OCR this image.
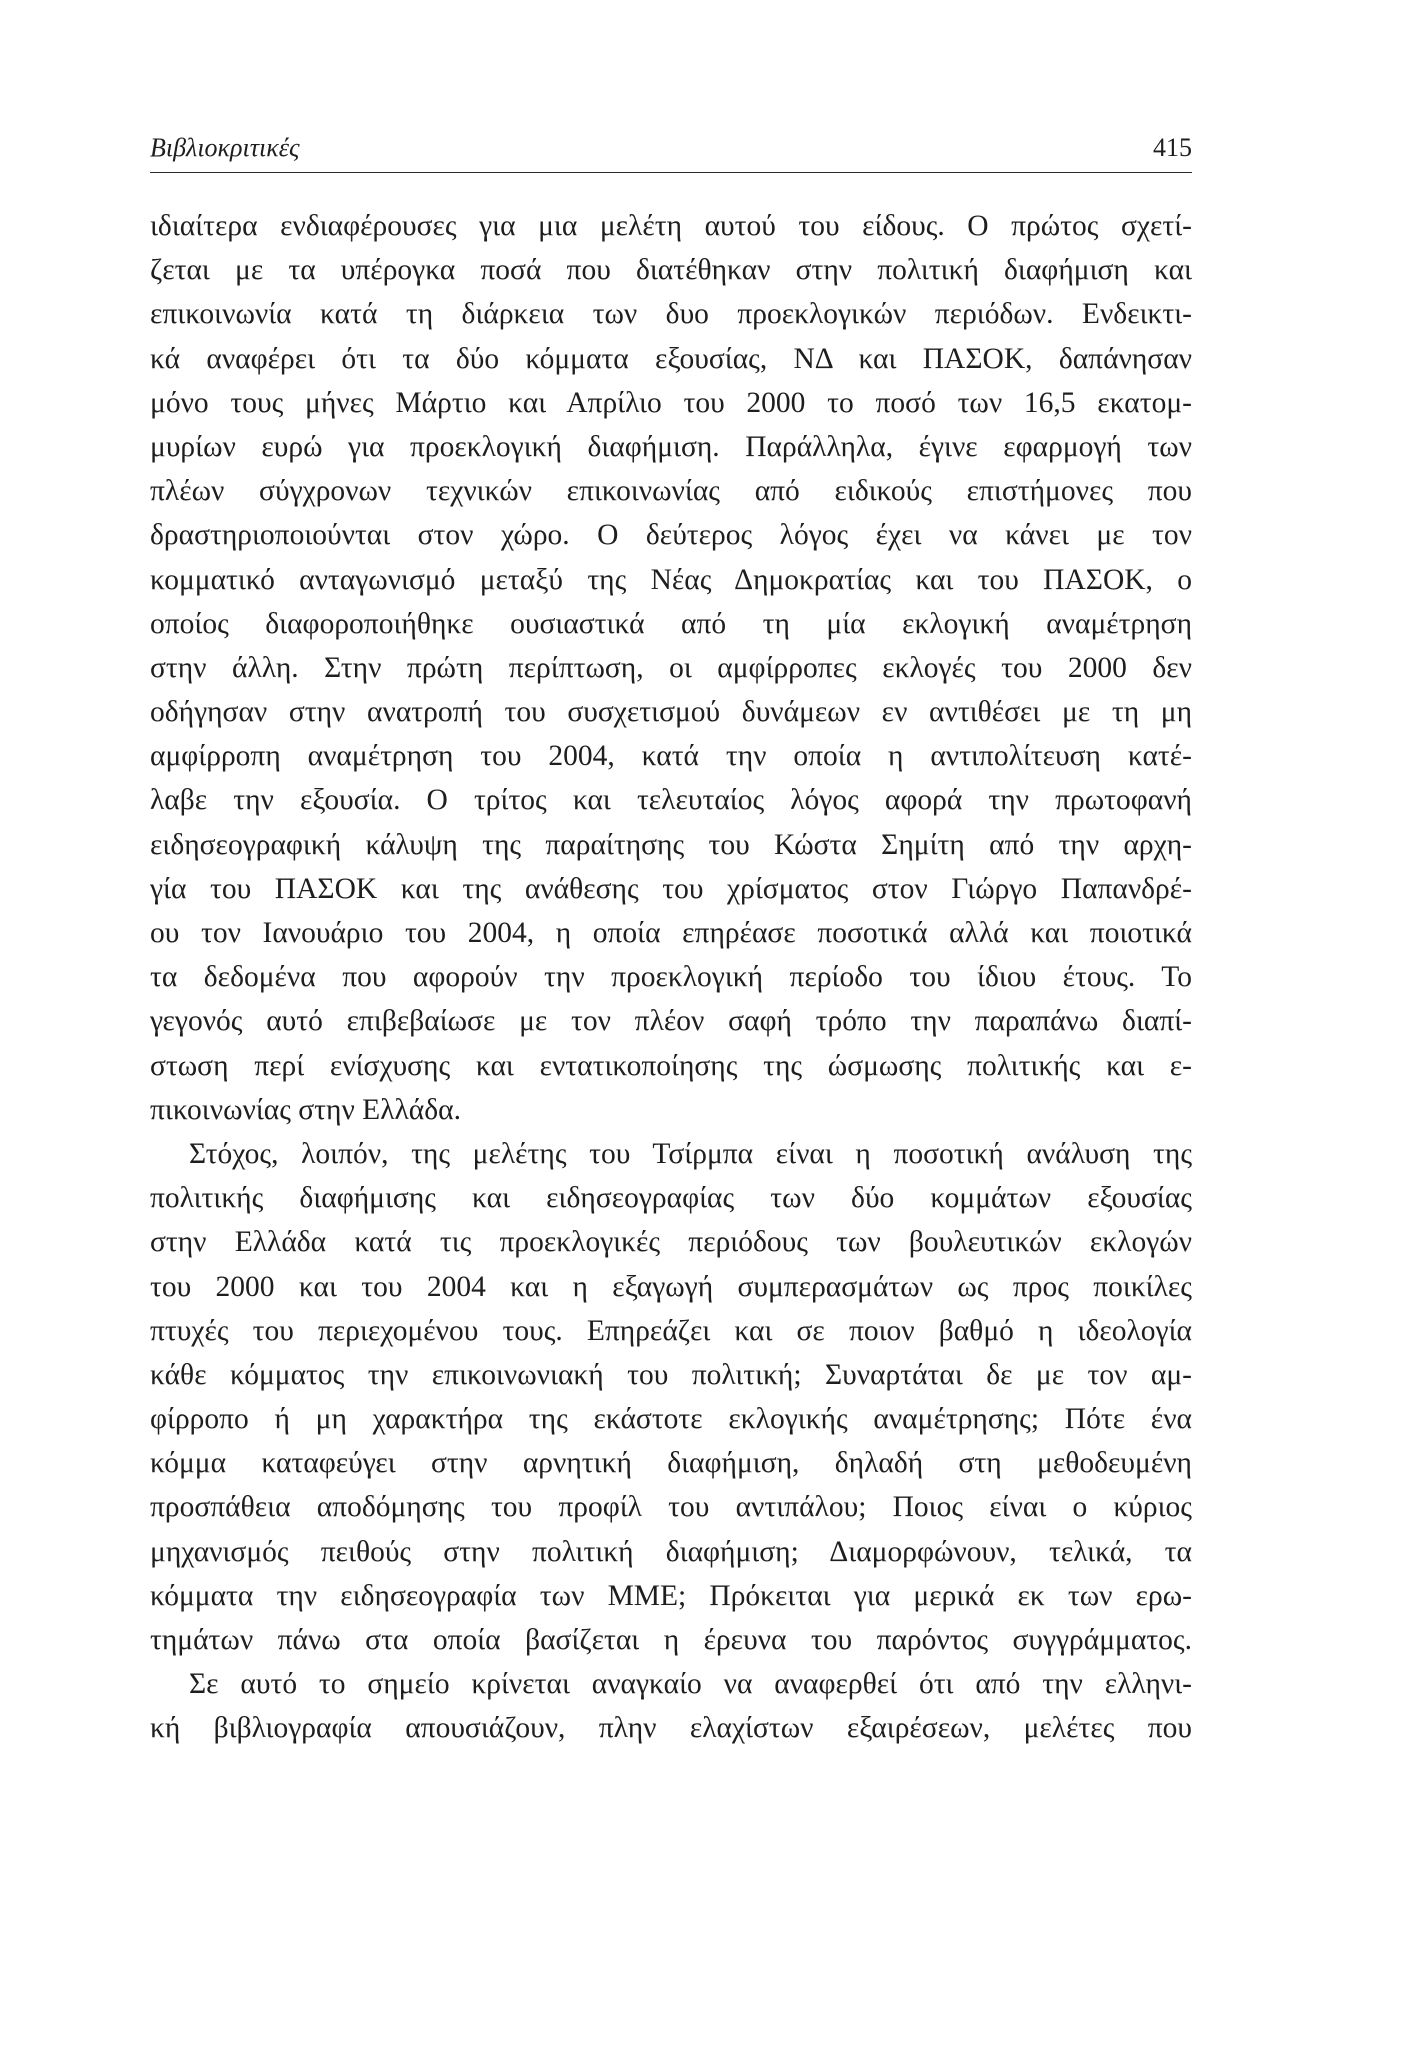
Βιβλιοκριτικές	415
ιδιαίτερα ενδιαφέρουσες για μια μελέτη αυτού του είδους. Ο πρώτος σχετί-
ζεται με τα υπέρογκα ποσά που διατέθηκαν στην πολιτική διαφήμιση και
επικοινωνία κατά τη διάρκεια των δυο προεκλογικών περιόδων. Ενδεικτι-
κά αναφέρει ότι τα δύο κόμματα εξουσίας, ΝΔ και ΠΑΣΟΚ, δαπάνησαν
μόνο τους μήνες Μάρτιο και Απρίλιο του 2000 το ποσό των 16,5 εκατομ-
μυρίων ευρώ για προεκλογική διαφήμιση. Παράλληλα, έγινε εφαρμογή των
πλέων σύγχρονων τεχνικών επικοινωνίας από ειδικούς επιστήμονες που
δραστηριοποιούνται στον χώρο. Ο δεύτερος λόγος έχει να κάνει με τον
κομματικό ανταγωνισμό μεταξύ της Νέας Δημοκρατίας και του ΠΑΣΟΚ, ο
οποίος διαφοροποιήθηκε ουσιαστικά από τη μία εκλογική αναμέτρηση
στην άλλη. Στην πρώτη περίπτωση, οι αμφίρροπες εκλογές του 2000 δεν
οδήγησαν στην ανατροπή του συσχετισμού δυνάμεων εν αντιθέσει με τη μη
αμφίρροπη αναμέτρηση του 2004, κατά την οποία η αντιπολίτευση κατέ-
λαβε την εξουσία. Ο τρίτος και τελευταίος λόγος αφορά την πρωτοφανή
ειδησεογραφική κάλυψη της παραίτησης του Κώστα Σημίτη από την αρχη-
γία του ΠΑΣΟΚ και της ανάθεσης του χρίσματος στον Γιώργο Παπανδρέ-
ου τον Ιανουάριο του 2004, η οποία επηρέασε ποσοτικά αλλά και ποιοτικά
τα δεδομένα που αφορούν την προεκλογική περίοδο του ίδιου έτους. Το
γεγονός αυτό επιβεβαίωσε με τον πλέον σαφή τρόπο την παραπάνω διαπί-
στωση περί ενίσχυσης και εντατικοποίησης της ώσμωσης πολιτικής και ε-
πικοινωνίας στην Ελλάδα.
Στόχος, λοιπόν, της μελέτης του Τσίρμπα είναι η ποσοτική ανάλυση της
πολιτικής διαφήμισης και ειδησεογραφίας των δύο κομμάτων εξουσίας
στην Ελλάδα κατά τις προεκλογικές περιόδους των βουλευτικών εκλογών
του 2000 και του 2004 και η εξαγωγή συμπερασμάτων ως προς ποικίλες
πτυχές του περιεχομένου τους. Επηρεάζει και σε ποιον βαθμό η ιδεολογία
κάθε κόμματος την επικοινωνιακή του πολιτική; Συναρτάται δε με τον αμ-
φίρροπο ή μη χαρακτήρα της εκάστοτε εκλογικής αναμέτρησης; Πότε ένα
κόμμα καταφεύγει στην αρνητική διαφήμιση, δηλαδή στη μεθοδευμένη
προσπάθεια αποδόμησης του προφίλ του αντιπάλου; Ποιος είναι ο κύριος
μηχανισμός πειθούς στην πολιτική διαφήμιση; Διαμορφώνουν, τελικά, τα
κόμματα την ειδησεογραφία των ΜΜΕ; Πρόκειται για μερικά εκ των ερω-
τημάτων πάνω στα οποία βασίζεται η έρευνα του παρόντος συγγράμματος.
Σε αυτό το σημείο κρίνεται αναγκαίο να αναφερθεί ότι από την ελληνι-
κή βιβλιογραφία απουσιάζουν, πλην ελαχίστων εξαιρέσεων, μελέτες που
